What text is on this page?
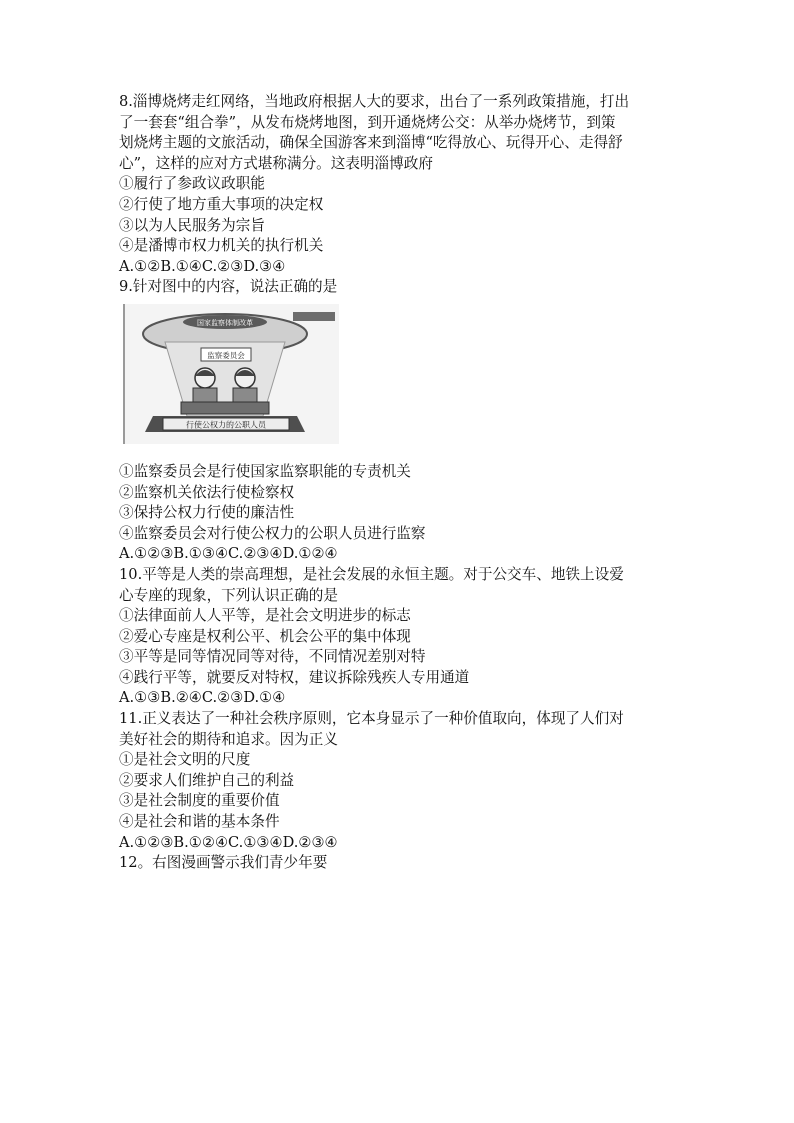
8.淄博烧烤走红网络，当地政府根据人大的要求，出台了一系列政策措施，打出
了一套套“组合拳”，从发布烧烤地图，到开通烧烤公交：从举办烧烤节，到策
划烧烤主题的文旅活动，确保全国游客来到淄博“吃得放心、玩得开心、走得舒
心”，这样的应对方式堪称满分。这表明淄博政府
①履行了参政议政职能
②行使了地方重大事项的决定权
③以为人民服务为宗旨
④是潘博市权力机关的执行机关
A.①②B.①④C.②③D.③④
9.针对图中的内容，说法正确的是
国家监察体制改革
监察委员会
行使公权力的公职人员
①监察委员会是行使国家监察职能的专责机关
②监察机关依法行使检察权
③保持公权力行使的廉洁性
④监察委员会对行使公权力的公职人员进行监察
A.①②③B.①③④C.②③④D.①②④
10.平等是人类的崇高理想，是社会发展的永恒主题。对于公交车、地铁上设爱
心专座的现象，下列认识正确的是
①法律面前人人平等，是社会文明进步的标志
②爱心专座是权利公平、机会公平的集中体现
③平等是同等情况同等对待，不同情况差别对特
④践行平等，就要反对特权，建议拆除残疾人专用通道
A.①③B.②④C.②③D.①④
11.正义表达了一种社会秩序原则，它本身显示了一种价值取向，体现了人们对
美好社会的期待和追求。因为正义
①是社会文明的尺度
②要求人们维护自己的利益
③是社会制度的重要价值
④是社会和谐的基本条件
A.①②③B.①②④C.①③④D.②③④
12。右图漫画警示我们青少年要
